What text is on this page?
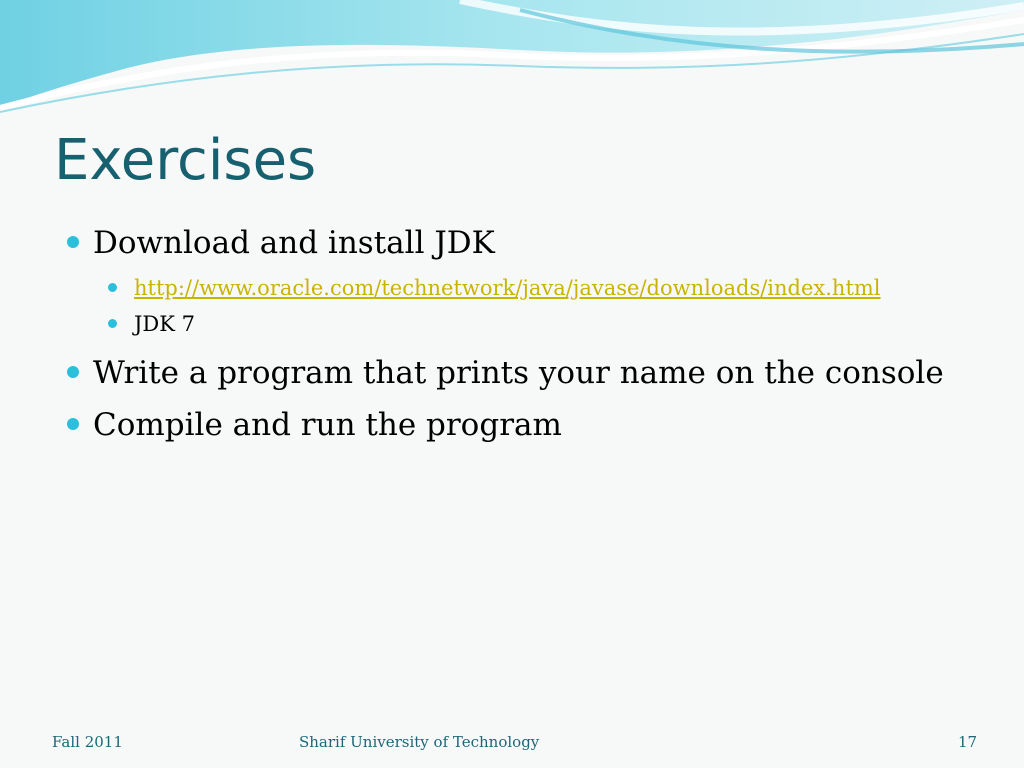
Exercises
Download and install JDK
http://www.oracle.com/technetwork/java/javase/downloads/index.html
JDK 7
Write a program that prints your name on the console
Compile and run the program
Fall 2011	Sharif University of Technology	17
